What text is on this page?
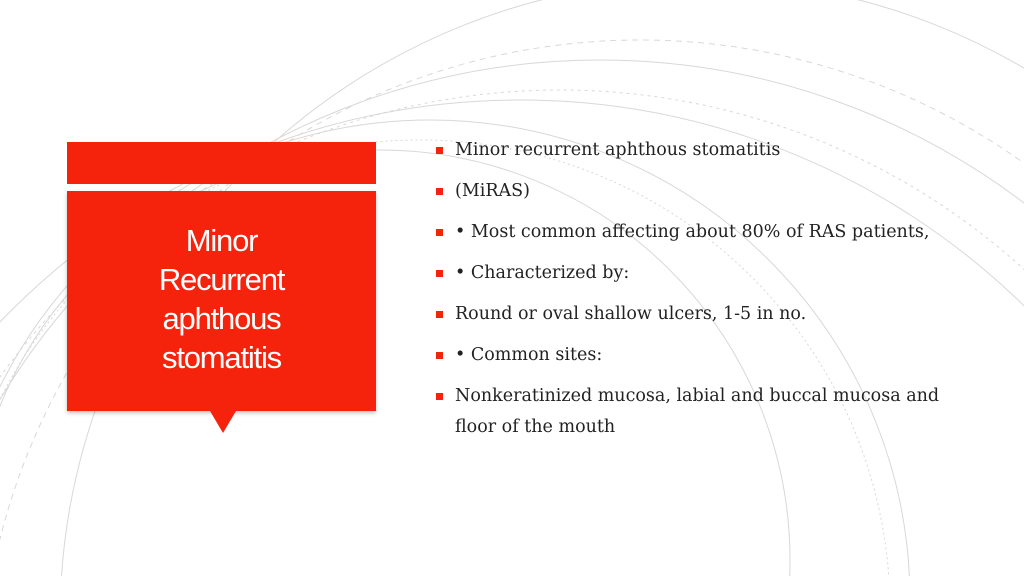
Minor
Recurrent
aphthous
stomatitis
Minor recurrent aphthous stomatitis
(MiRAS)
• Most common affecting about 80% of RAS patients,
• Characterized by:
Round or oval shallow ulcers, 1-5 in no.
• Common sites:
Nonkeratinized mucosa, labial and buccal mucosa and floor of the mouth
